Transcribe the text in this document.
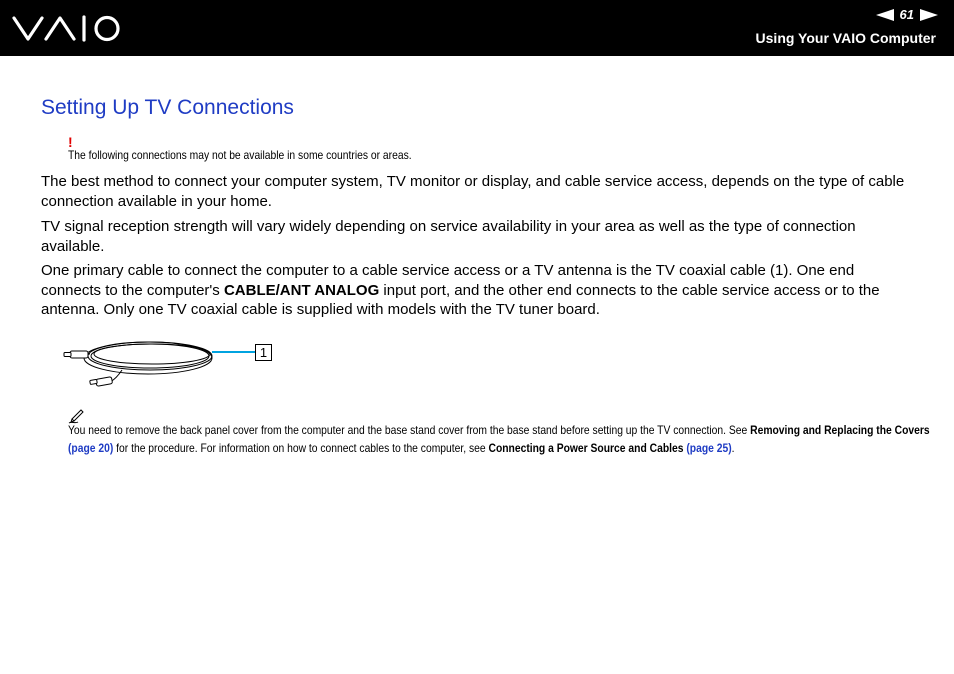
61
Using Your VAIO Computer
Setting Up TV Connections
!
The following connections may not be available in some countries or areas.

The best method to connect your computer system, TV monitor or display, and cable service access, depends on the type of cable connection available in your home.

TV signal reception strength will vary widely depending on service availability in your area as well as the type of connection available.

One primary cable to connect the computer to a cable service access or a TV antenna is the TV coaxial cable (1). One end connects to the computer's CABLE/ANT ANALOG input port, and the other end connects to the cable service access or to the antenna. Only one TV coaxial cable is supplied with models with the TV tuner board.

1
You need to remove the back panel cover from the computer and the base stand cover from the base stand before setting up the TV connection. See Removing and Replacing the Covers (page 20) for the procedure. For information on how to connect cables to the computer, see Connecting a Power Source and Cables (page 25).
